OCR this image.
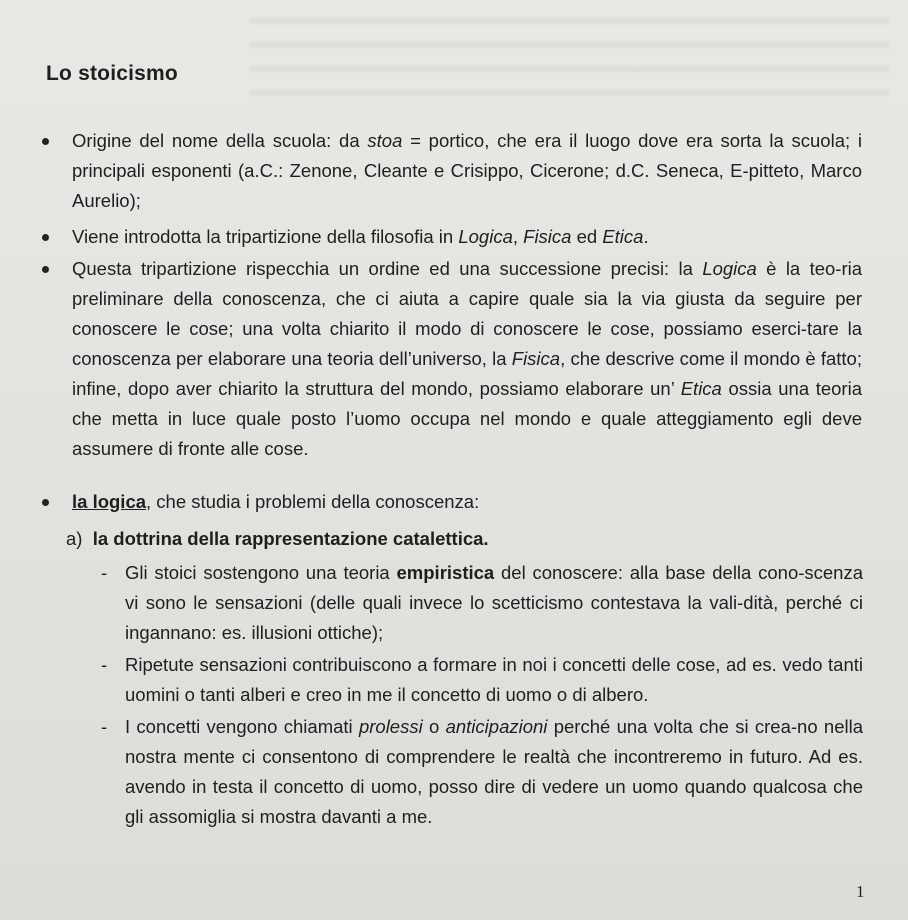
Lo stoicismo
Origine del nome della scuola: da stoa = portico, che era il luogo dove era sorta la scuola; i principali esponenti (a.C.: Zenone, Cleante e Crisippo, Cicerone; d.C. Seneca, E-pitteto, Marco Aurelio);
Viene introdotta la tripartizione della filosofia in Logica, Fisica ed Etica.
Questa tripartizione rispecchia un ordine ed una successione precisi: la Logica è la teo-ria preliminare della conoscenza, che ci aiuta a capire quale sia la via giusta da seguire per conoscere le cose; una volta chiarito il modo di conoscere le cose, possiamo eserci-tare la conoscenza per elaborare una teoria dell’universo, la Fisica, che descrive come il mondo è fatto; infine, dopo aver chiarito la struttura del mondo, possiamo elaborare un’ Etica ossia una teoria che metta in luce quale posto l’uomo occupa nel mondo e quale atteggiamento egli deve assumere di fronte alle cose.
la logica, che studia i problemi della conoscenza:
a) la dottrina della rappresentazione catalettica.
- Gli stoici sostengono una teoria empiristica del conoscere: alla base della cono-scenza vi sono le sensazioni (delle quali invece lo scetticismo contestava la vali-dità, perché ci ingannano: es. illusioni ottiche);
- Ripetute sensazioni contribuiscono a formare in noi i concetti delle cose, ad es. vedo tanti uomini o tanti alberi e creo in me il concetto di uomo o di albero.
- I concetti vengono chiamati prolessi o anticipazioni perché una volta che si crea-no nella nostra mente ci consentono di comprendere le realtà che incontreremo in futuro. Ad es. avendo in testa il concetto di uomo, posso dire di vedere un uomo quando qualcosa che gli assomiglia si mostra davanti a me.
1
